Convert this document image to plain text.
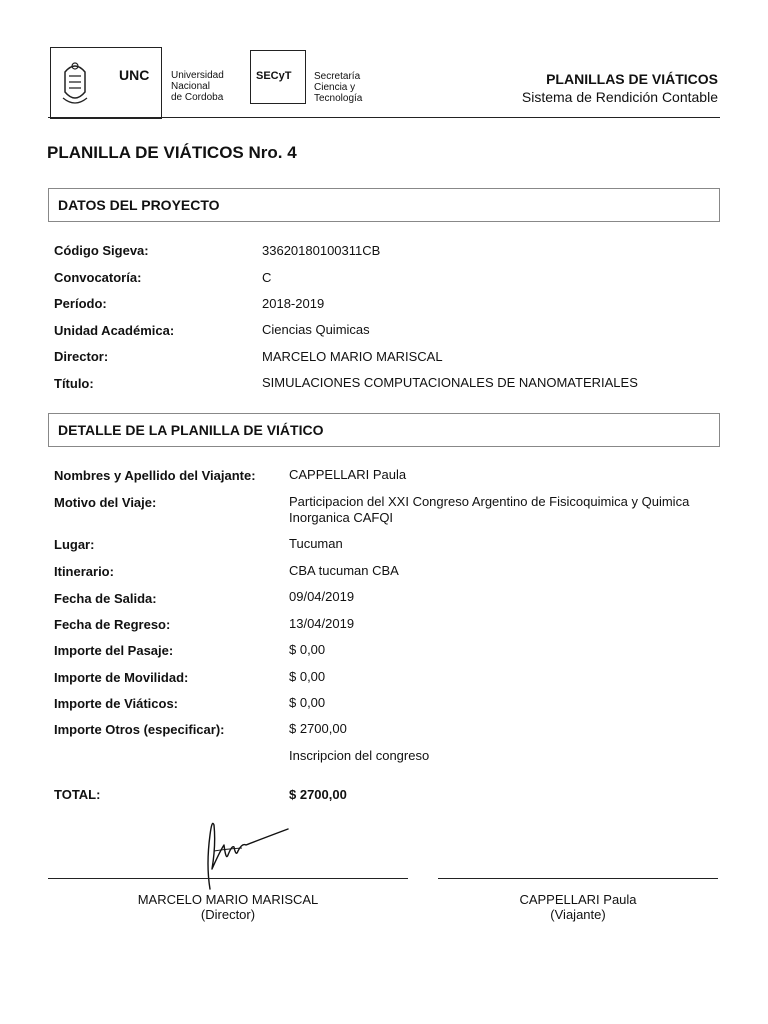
UNC Universidad
Nacional
de Cordoba
SECyT Secretaría
Ciencia y
Tecnología
PLANILLAS DE VIÁTICOS
Sistema de Rendición Contable
PLANILLA DE VIÁTICOS Nro. 4
DATOS DEL PROYECTO
Código Sigeva:	33620180100311CB
Convocatoría:	C
Período:	2018-2019
Unidad Académica:	Ciencias Quimicas
Director:	MARCELO MARIO MARISCAL
Título:	SIMULACIONES COMPUTACIONALES DE NANOMATERIALES
DETALLE DE LA PLANILLA DE VIÁTICO
Nombres y Apellido del Viajante:	CAPPELLARI Paula
Motivo del Viaje:	Participacion del XXI Congreso Argentino de Fisicoquimica y Quimica Inorganica CAFQI
Lugar:	Tucuman
Itinerario:	CBA tucuman CBA
Fecha de Salida:	09/04/2019
Fecha de Regreso:	13/04/2019
Importe del Pasaje:	$ 0,00
Importe de Movilidad:	$ 0,00
Importe de Viáticos:	$ 0,00
Importe Otros (especificar):	$ 2700,00
Inscripcion del congreso
TOTAL:	$ 2700,00
MARCELO MARIO MARISCAL
(Director)
CAPPELLARI Paula
(Viajante)
